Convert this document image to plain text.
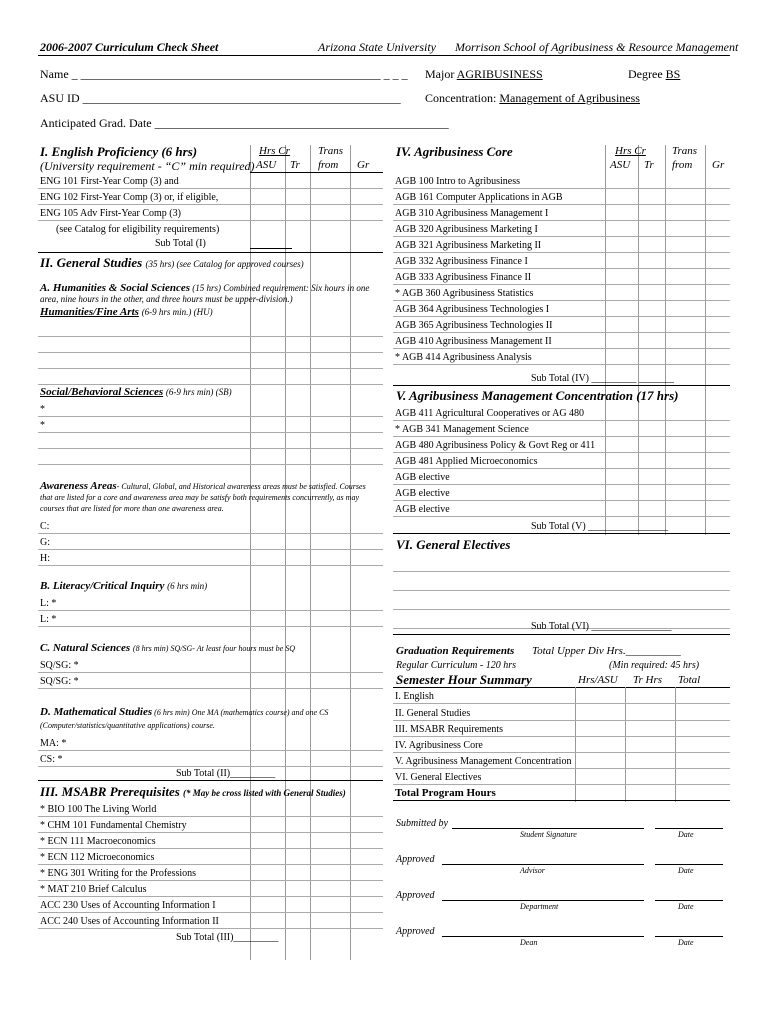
2006-2007 Curriculum Check Sheet	Arizona State University Morrison School of Agribusiness & Resource Management
Name _ __________________________________________________ _ _ _
ASU ID _____________________________________________________
Anticipated Grad. Date _________________________________________________
Major AGRIBUSINESS	Degree BS
Concentration: Management of Agribusiness
I. English Proficiency (6 hrs)
(University requirement - “C” min required)
Hrs Cr
ASU Tr
Trans
from Gr
ENG 101 First-Year Comp (3) and
ENG 102 First-Year Comp (3) or, if eligible,
ENG 105 Adv First-Year Comp (3)
(see Catalog for eligibility requirements)
Sub Total (I)
II. General Studies (35 hrs) (see Catalog for approved courses)
A. Humanities & Social Sciences (15 hrs) Combined requirement: Six hours in one area, nine hours in the other, and three hours must be upper-division.)
Humanities/Fine Arts (6-9 hrs min.) (HU)
Social/Behavioral Sciences (6-9 hrs min) (SB)
*
*
Awareness Areas- Cultural, Global, and Historical awareness areas must be satisfied. Courses that are listed for a core and awareness area may be satisfy both requirements concurrently, as may courses that are listed for more than one awareness area.
C:
G:
H:
B. Literacy/Critical Inquiry (6 hrs min)
L: *
L: *
C. Natural Sciences (8 hrs min) SQ/SG- At least four hours must be SQ
SQ/SG: *
SQ/SG: *
D. Mathematical Studies (6 hrs min) One MA (mathematics course) and one CS (Computer/statistics/quantitative applications) course.
MA: *
CS: *
Sub Total (II)_________
III. MSABR Prerequisites (* May be cross listed with General Studies)
* BIO 100 The Living World
* CHM 101 Fundamental Chemistry
* ECN 111 Macroeconomics
* ECN 112 Microeconomics
* ENG 301 Writing for the Professions
* MAT 210 Brief Calculus
ACC 230 Uses of Accounting Information I
ACC 240 Uses of Accounting Information II
Sub Total (III)_________
IV. Agribusiness Core	Hrs Cr
ASU Tr
Trans
from Gr
AGB 100 Intro to Agribusiness
AGB 161 Computer Applications in AGB
AGB 310 Agribusiness Management I
AGB 320 Agribusiness Marketing I
AGB 321 Agribusiness Marketing II
AGB 332 Agribusiness Finance I
AGB 333 Agribusiness Finance II
* AGB 360 Agribusiness Statistics
AGB 364 Agribusiness Technologies I
AGB 365 Agribusiness Technologies II
AGB 410 Agribusiness Management II
* AGB 414 Agribusiness Analysis
Sub Total (IV) _________ _______
V. Agribusiness Management Concentration (17 hrs)
AGB 411 Agricultural Cooperatives or AG 480
* AGB 341 Management Science
AGB 480 Agribusiness Policy & Govt Reg or 411
AGB 481 Applied Microeconomics
AGB elective
AGB elective
AGB elective
Sub Total (V) ________________
VI. General Electives
Sub Total (VI) ________________
Graduation Requirements Total Upper Div Hrs.__________
Regular Curriculum - 120 hrs	(Min required: 45 hrs)
Semester Hour Summary	Hrs/ASU Tr Hrs Total
I. English
II. General Studies
III. MSABR Requirements
IV. Agribusiness Core
V. Agribusiness Management Concentration
VI. General Electives
Total Program Hours
Submitted by
Student Signature	Date
Approved
Advisor	Date
Approved
Department	Date
Approved
Dean	Date
